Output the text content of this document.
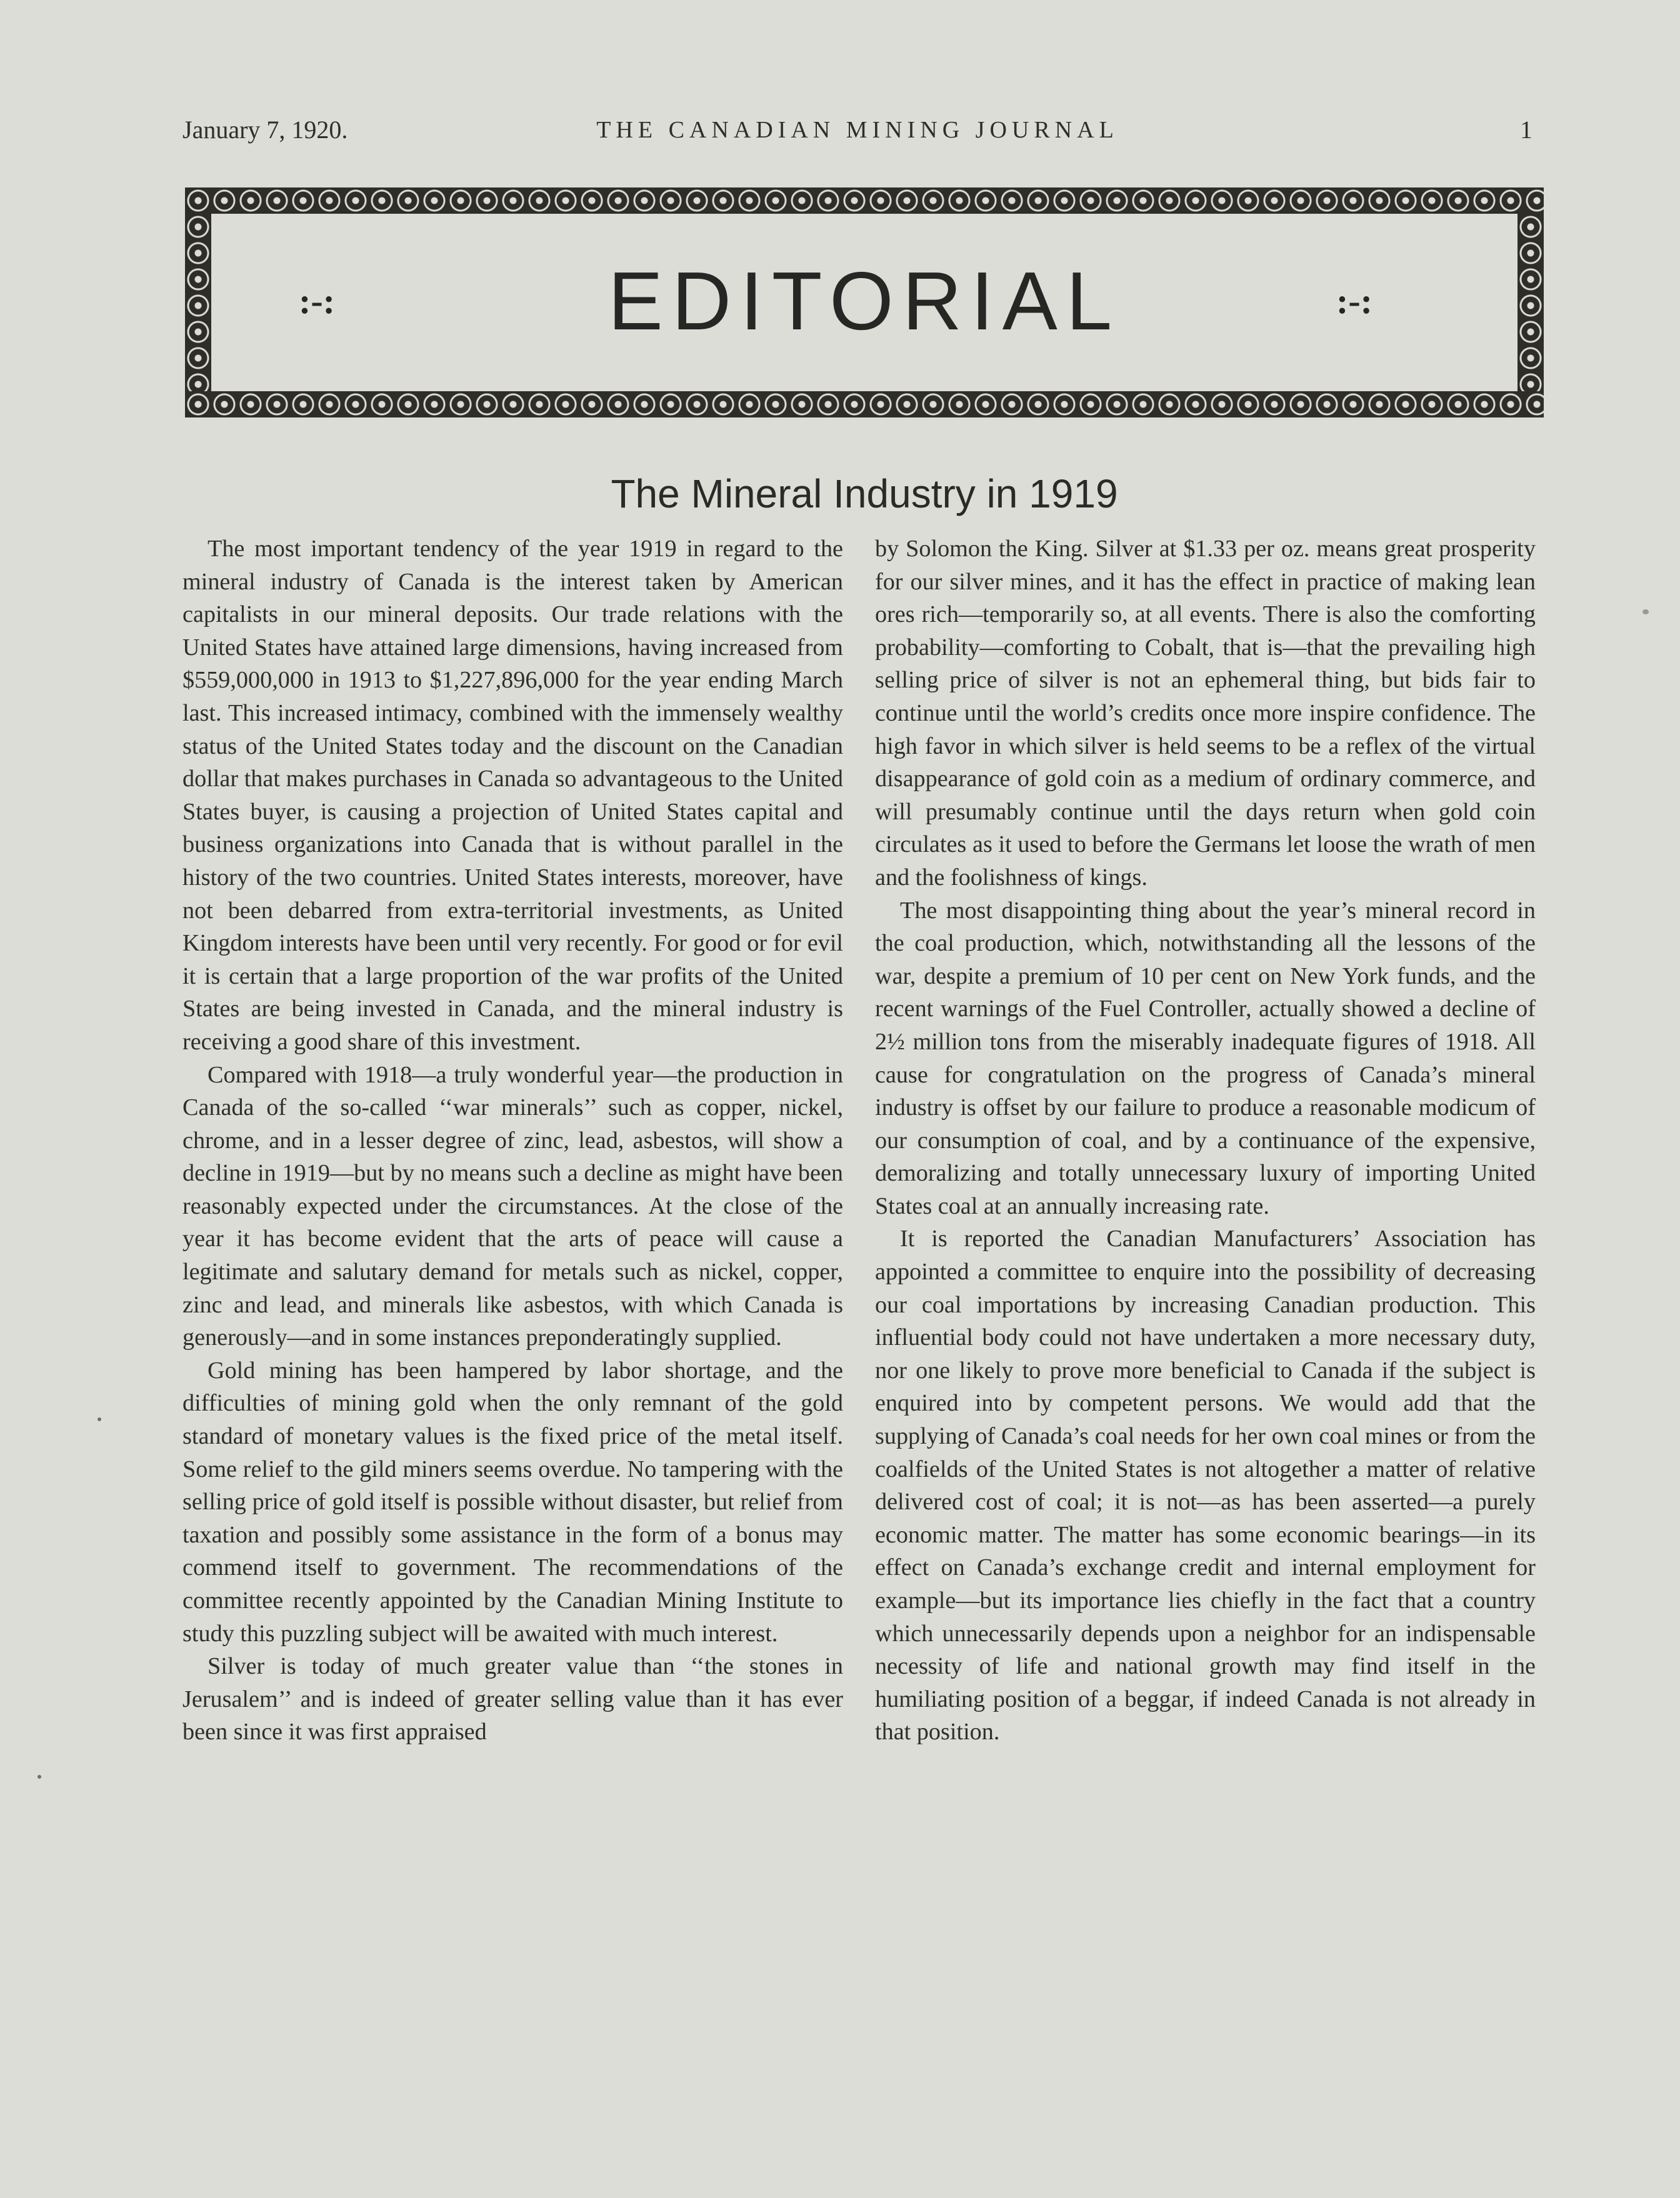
January 7, 1920.	THE CANADIAN MINING JOURNAL	1
:-:	EDITORIAL	:-:
The Mineral Industry in 1919

The most important tendency of the year 1919 in regard to the mineral industry of Canada is the interest taken by American capitalists in our mineral deposits. Our trade relations with the United States have attained large dimensions, having increased from $559,000,000 in 1913 to $1,227,896,000 for the year ending March last. This increased intimacy, combined with the immensely wealthy status of the United States today and the discount on the Canadian dollar that makes purchases in Canada so advantageous to the United States buyer, is causing a projection of United States capital and business organizations into Canada that is without parallel in the history of the two countries. United States interests, moreover, have not been debarred from extra-territorial investments, as United Kingdom interests have been until very recently. For good or for evil it is certain that a large proportion of the war profits of the United States are being invested in Canada, and the mineral industry is receiving a good share of this investment.

Compared with 1918—a truly wonderful year—the production in Canada of the so-called ‘‘war minerals’’ such as copper, nickel, chrome, and in a lesser degree of zinc, lead, asbestos, will show a decline in 1919—but by no means such a decline as might have been reasonably expected under the circumstances. At the close of the year it has become evident that the arts of peace will cause a legitimate and salutary demand for metals such as nickel, copper, zinc and lead, and minerals like asbestos, with which Canada is generously—and in some instances preponderatingly supplied.

Gold mining has been hampered by labor shortage, and the difficulties of mining gold when the only remnant of the gold standard of monetary values is the fixed price of the metal itself. Some relief to the gild miners seems overdue. No tampering with the selling price of gold itself is possible without disaster, but relief from taxation and possibly some assistance in the form of a bonus may commend itself to government. The recommendations of the committee recently appointed by the Canadian Mining Institute to study this puzzling subject will be awaited with much interest.

Silver is today of much greater value than ‘‘the stones in Jerusalem’’ and is indeed of greater selling value than it has ever been since it was first appraised

by Solomon the King. Silver at $1.33 per oz. means great prosperity for our silver mines, and it has the effect in practice of making lean ores rich—temporarily so, at all events. There is also the comforting probability—comforting to Cobalt, that is—that the prevailing high selling price of silver is not an ephemeral thing, but bids fair to continue until the world’s credits once more inspire confidence. The high favor in which silver is held seems to be a reflex of the virtual disappearance of gold coin as a medium of ordinary commerce, and will presumably continue until the days return when gold coin circulates as it used to before the Germans let loose the wrath of men and the foolishness of kings.

The most disappointing thing about the year’s mineral record in the coal production, which, notwithstanding all the lessons of the war, despite a premium of 10 per cent on New York funds, and the recent warnings of the Fuel Controller, actually showed a decline of 2½ million tons from the miserably inadequate figures of 1918. All cause for congratulation on the progress of Canada’s mineral industry is offset by our failure to produce a reasonable modicum of our consumption of coal, and by a continuance of the expensive, demoralizing and totally unnecessary luxury of importing United States coal at an annually increasing rate.

It is reported the Canadian Manufacturers’ Association has appointed a committee to enquire into the possibility of decreasing our coal importations by increasing Canadian production. This influential body could not have undertaken a more necessary duty, nor one likely to prove more beneficial to Canada if the subject is enquired into by competent persons. We would add that the supplying of Canada’s coal needs for her own coal mines or from the coalfields of the United States is not altogether a matter of relative delivered cost of coal; it is not—as has been asserted—a purely economic matter. The matter has some economic bearings—in its effect on Canada’s exchange credit and internal employment for example—but its importance lies chiefly in the fact that a country which unnecessarily depends upon a neighbor for an indispensable necessity of life and national growth may find itself in the humiliating position of a beggar, if indeed Canada is not already in that position.
